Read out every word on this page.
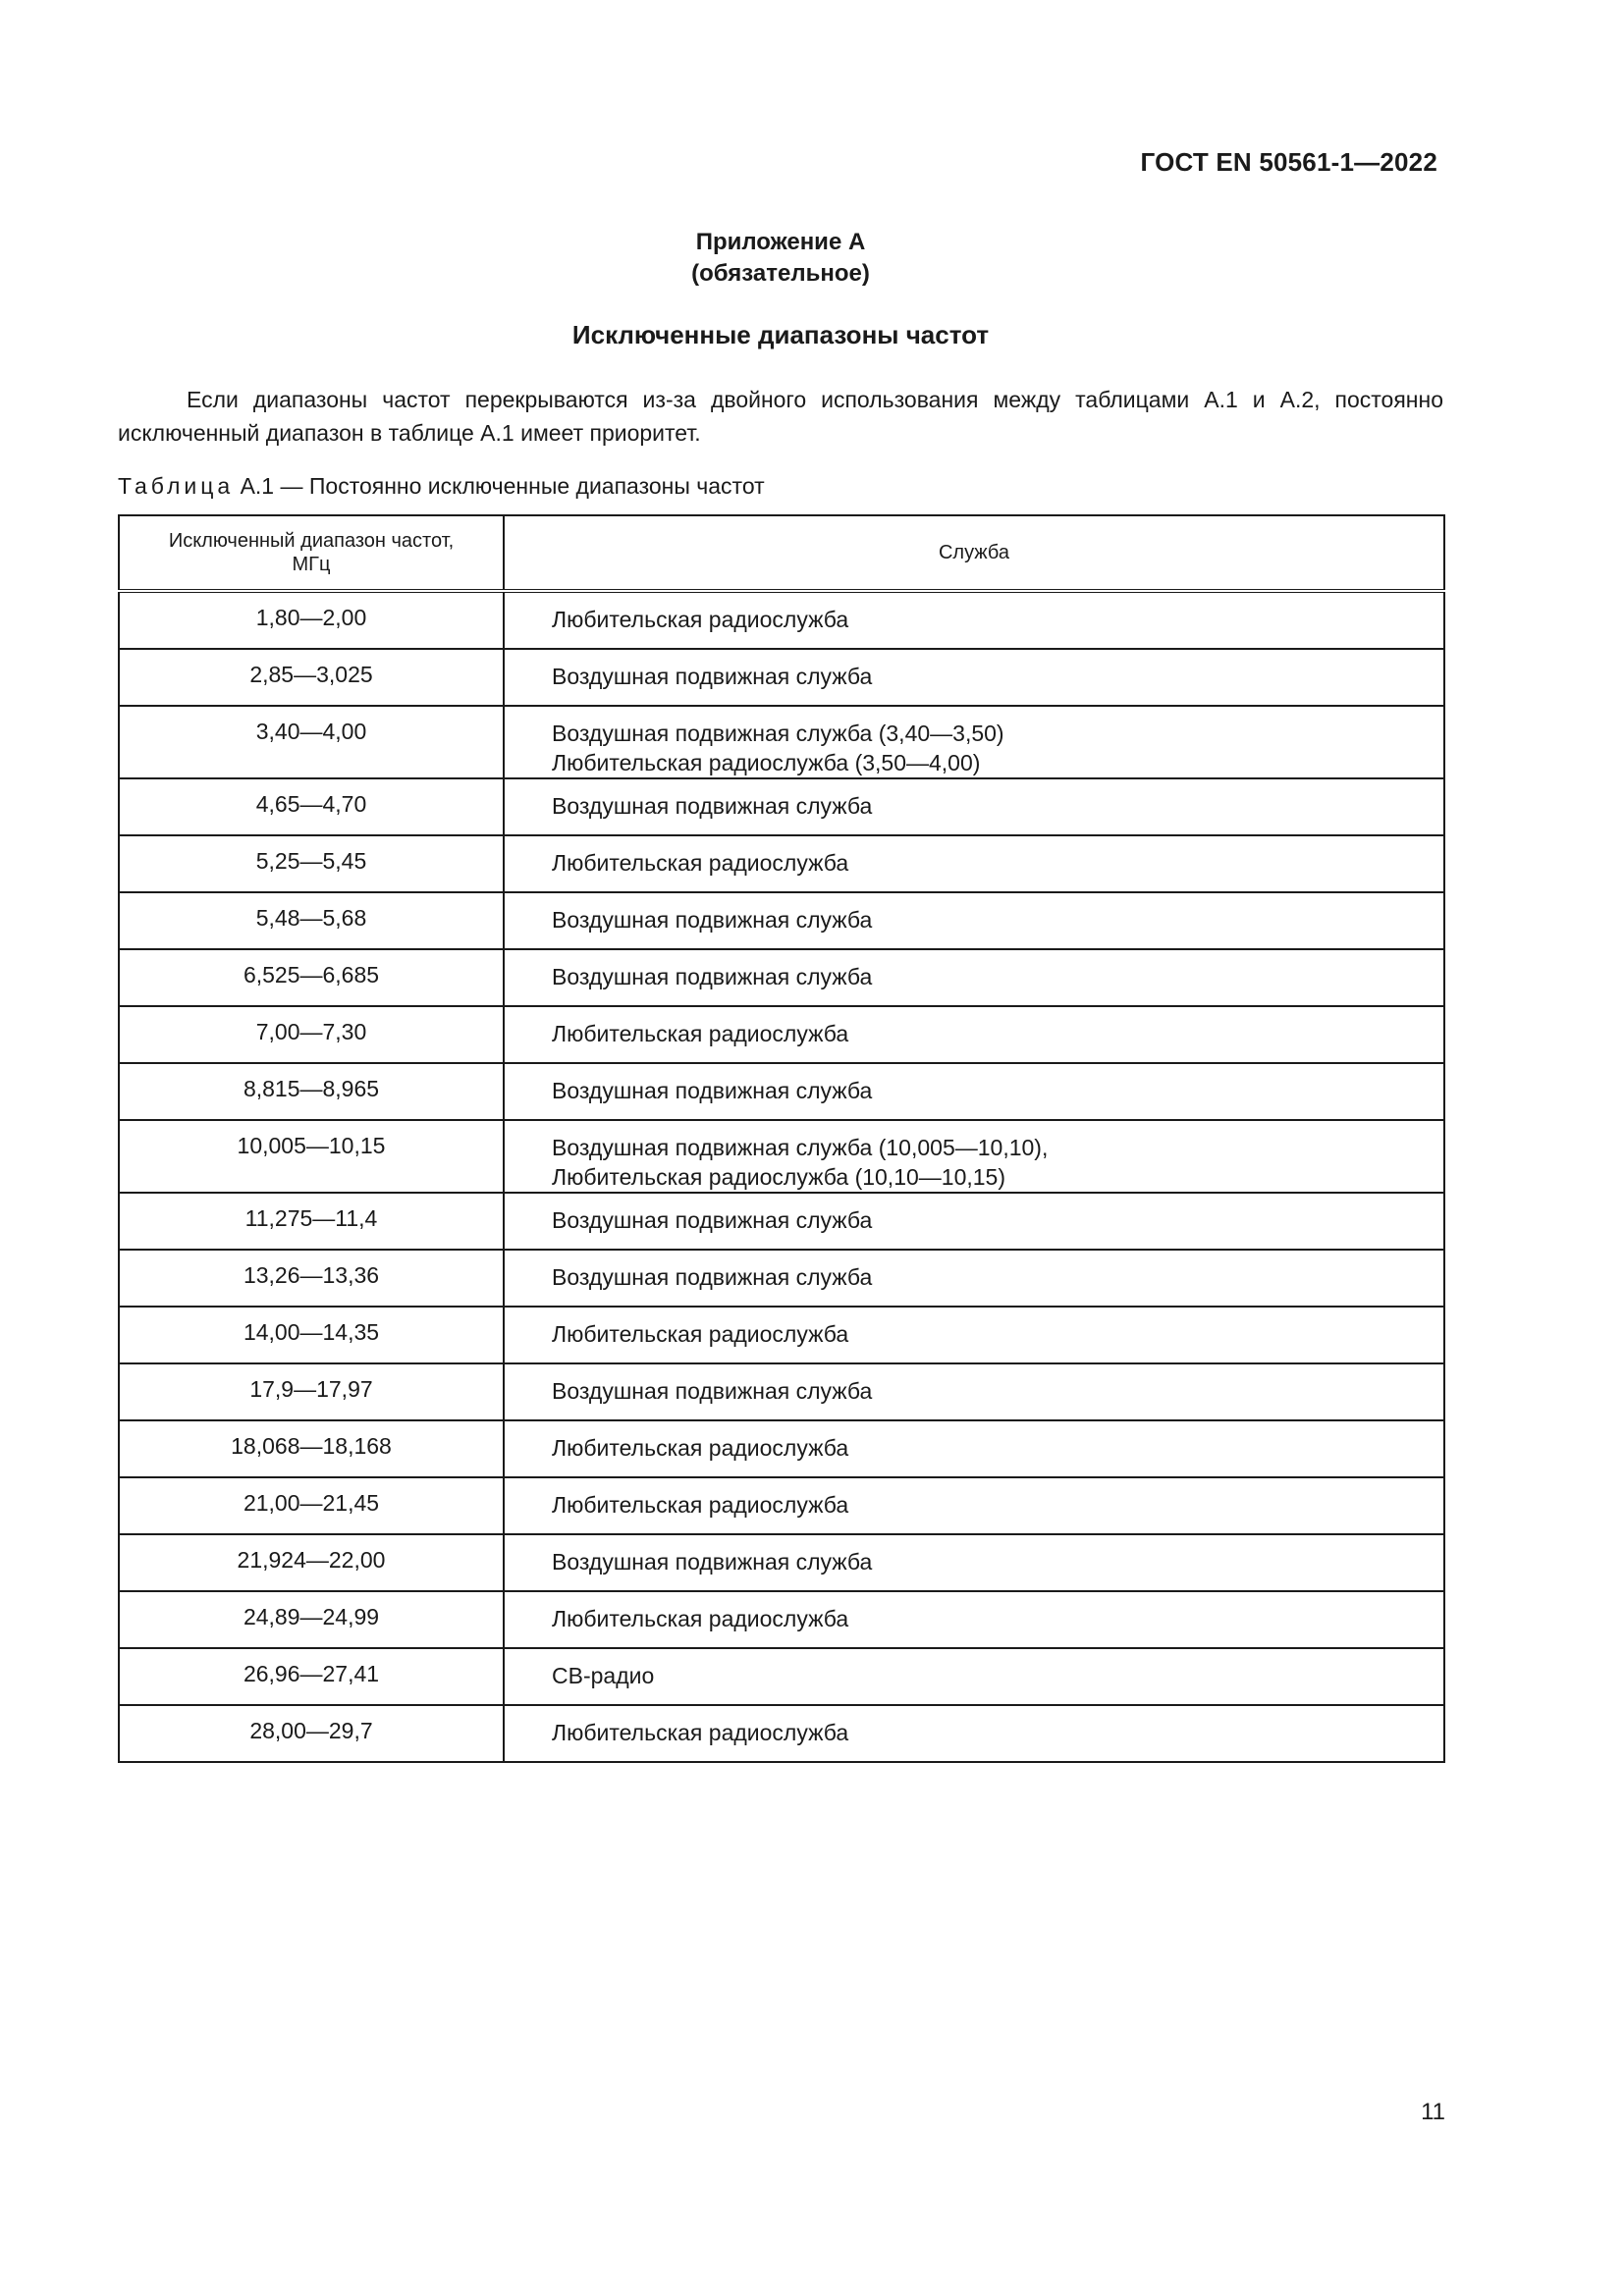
ГОСТ EN 50561-1—2022
Приложение А
(обязательное)
Исключенные диапазоны частот
Если диапазоны частот перекрываются из-за двойного использования между таблицами А.1 и А.2, постоянно исключенный диапазон в таблице А.1 имеет приоритет.
Таблица А.1 — Постоянно исключенные диапазоны частот
Исключенный диапазон частот,
МГц	Служба
1,80—2,00	Любительская радиослужба

2,85—3,025	Воздушная подвижная служба

3,40—4,00	Воздушная подвижная служба (3,40—3,50)
Любительская радиослужба (3,50—4,00)

4,65—4,70	Воздушная подвижная служба

5,25—5,45	Любительская радиослужба

5,48—5,68	Воздушная подвижная служба

6,525—6,685	Воздушная подвижная служба

7,00—7,30	Любительская радиослужба

8,815—8,965	Воздушная подвижная служба

10,005—10,15	Воздушная подвижная служба (10,005—10,10),
Любительская радиослужба (10,10—10,15)

11,275—11,4	Воздушная подвижная служба

13,26—13,36	Воздушная подвижная служба

14,00—14,35	Любительская радиослужба

17,9—17,97	Воздушная подвижная служба

18,068—18,168	Любительская радиослужба

21,00—21,45	Любительская радиослужба

21,924—22,00	Воздушная подвижная служба

24,89—24,99	Любительская радиослужба

26,96—27,41	CB-радио

28,00—29,7	Любительская радиослужба
11
